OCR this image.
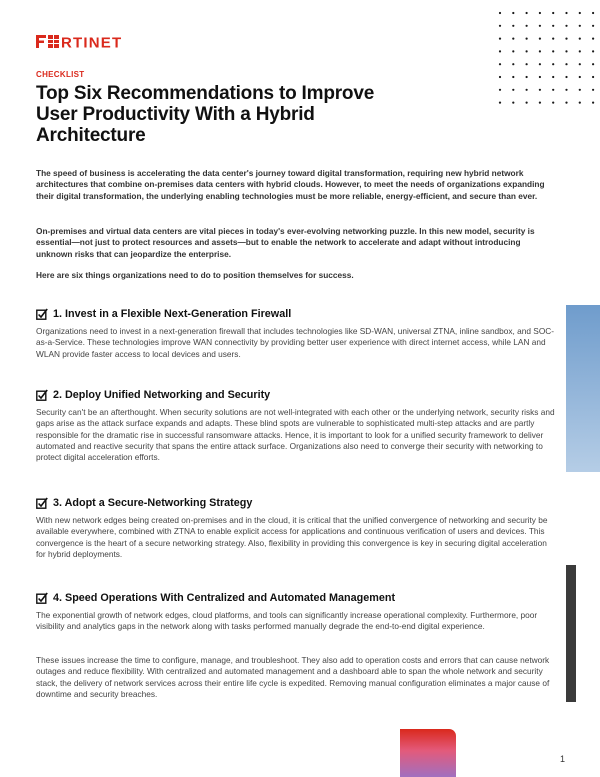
RTINET
CHECKLIST
Top Six Recommendations to Improve User Productivity With a Hybrid Architecture

The speed of business is accelerating the data center's journey toward digital transformation, requiring new hybrid network architectures that combine on-premises data centers with hybrid clouds. However, to meet the needs of organizations expanding their digital transformation, the underlying enabling technologies must be more reliable, energy-efficient, and secure than ever.

On-premises and virtual data centers are vital pieces in today's ever-evolving networking puzzle. In this new model, security is essential—not just to protect resources and assets—but to enable the network to accelerate and adapt without introducing unknown risks that can jeopardize the enterprise.

Here are six things organizations need to do to position themselves for success.

1. Invest in a Flexible Next-Generation Firewall

Organizations need to invest in a next-generation firewall that includes technologies like SD-WAN, universal ZTNA, inline sandbox, and SOC-as-a-Service. These technologies improve WAN connectivity by providing better user experience with direct internet access, while LAN and WLAN provide faster access to local devices and users.

2. Deploy Unified Networking and Security

Security can't be an afterthought. When security solutions are not well-integrated with each other or the underlying network, security risks and gaps arise as the attack surface expands and adapts. These blind spots are vulnerable to sophisticated multi-step attacks and are partly responsible for the dramatic rise in successful ransomware attacks. Hence, it is important to look for a unified security framework to deliver automated and reactive security that spans the entire attack surface. Organizations also need to converge their security with networking to protect digital acceleration efforts.

3. Adopt a Secure-Networking Strategy

With new network edges being created on-premises and in the cloud, it is critical that the unified convergence of networking and security be available everywhere, combined with ZTNA to enable explicit access for applications and continuous verification of users and devices. This convergence is the heart of a secure networking strategy. Also, flexibility in providing this convergence is key in securing digital acceleration for hybrid deployments.

4. Speed Operations With Centralized and Automated Management

The exponential growth of network edges, cloud platforms, and tools can significantly increase operational complexity. Furthermore, poor visibility and analytics gaps in the network along with tasks performed manually degrade the end-to-end digital experience.

These issues increase the time to configure, manage, and troubleshoot. They also add to operation costs and errors that can cause network outages and reduce flexibility. With centralized and automated management and a dashboard able to span the whole network and security stack, the delivery of network services across their entire life cycle is expedited. Removing manual configuration eliminates a major cause of downtime and security breaches.

1
